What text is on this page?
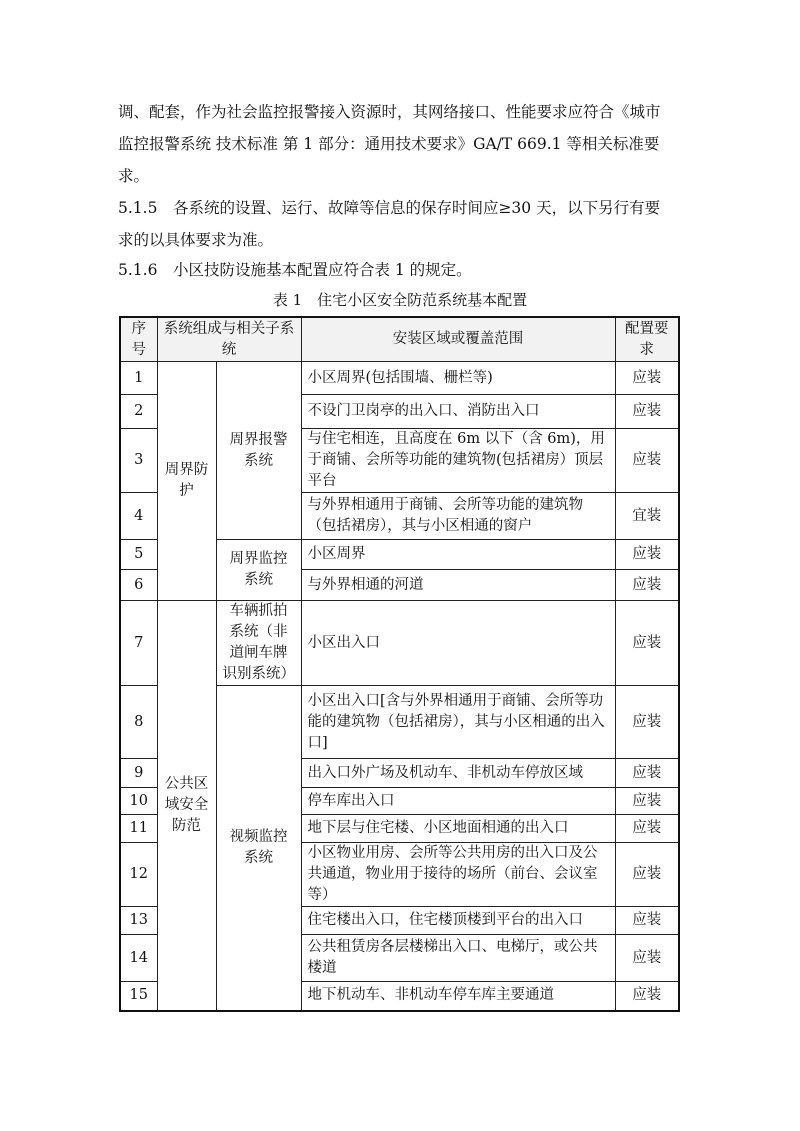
调、配套，作为社会监控报警接入资源时，其网络接口、性能要求应符合《城市
监控报警系统 技术标准 第 1 部分：通用技术要求》GA/T 669.1 等相关标准要
求。

5.1.5　各系统的设置、运行、故障等信息的保存时间应≥30 天，以下另行有要
求的以具体要求为准。

5.1.6　小区技防设施基本配置应符合表 1 的规定。

表 1　住宅小区安全防范系统基本配置
序号	系统组成与相关子系统		安装区域或覆盖范围	配置要求
1	周界防护	周界报警系统	小区周界(包括围墙、栅栏等)	应装
2			不设门卫岗亭的出入口、消防出入口	应装
3			与住宅相连，且高度在 6m 以下（含 6m)，用于商铺、会所等功能的建筑物(包括裙房）顶层平台	应装
4			与外界相通用于商铺、会所等功能的建筑物（包括裙房），其与小区相通的窗户	宜装
5		周界监控系统	小区周界	应装
6			与外界相通的河道	应装
7	公共区域安全防范	车辆抓拍系统（非道闸车牌识别系统）	小区出入口	应装
8		视频监控系统	小区出入口[含与外界相通用于商铺、会所等功能的建筑物（包括裙房），其与小区相通的出入口]	应装
9			出入口外广场及机动车、非机动车停放区域	应装
10			停车库出入口	应装
11			地下层与住宅楼、小区地面相通的出入口	应装
12			小区物业用房、会所等公共用房的出入口及公共通道，物业用于接待的场所（前台、会议室等）	应装
13			住宅楼出入口，住宅楼顶楼到平台的出入口	应装
14			公共租赁房各层楼梯出入口、电梯厅，或公共楼道	应装
15			地下机动车、非机动车停车库主要通道	应装
